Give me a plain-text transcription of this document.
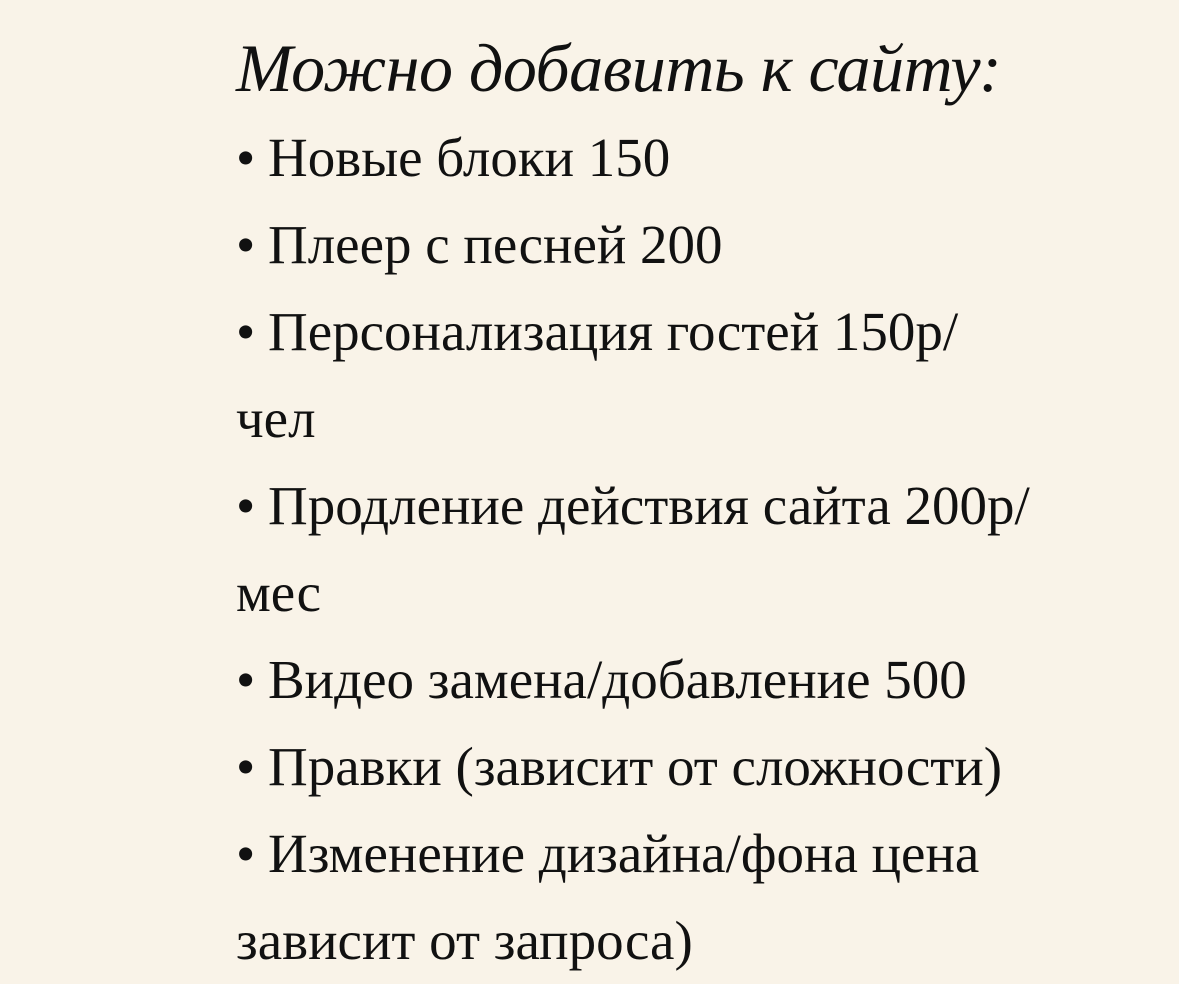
Можно добавить к сайту:
• Новые блоки 150
• Плеер с песней 200
• Персонализация гостей 150р/чел
• Продление действия сайта 200р/мес
• Видео замена/добавление 500
• Правки (зависит от сложности)
• Изменение дизайна/фона цена зависит от запроса)
